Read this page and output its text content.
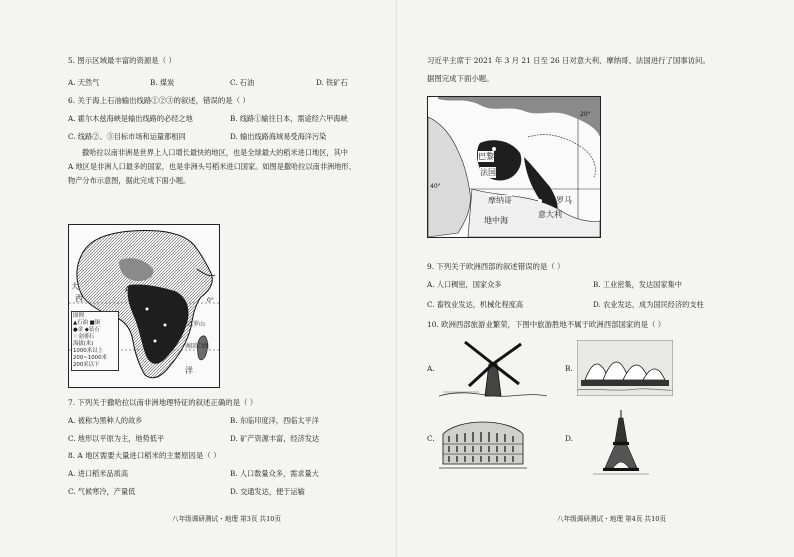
5. 图示区域最丰富的资源是（ ）
A. 天然气	B. 煤炭	C. 石油	D. 铁矿石
6. 关于海上石油输出线路①②③的叙述，错误的是（ ）
A. 霍尔木兹海峡是输出线路的必经之地	B. 线路①输往日本，需途经六甲海峡
C. 线路②、③目标市场和运量都相同	D. 输出线路海域易受海洋污染
撒哈拉以南非洲是世界上人口增长最快的地区，也是全球最大的稻米进口地区，其中
A 地区是非洲人口最多的国家，也是非洲头号稻米进口国家。如图是撒哈拉以南非洲地形、
物产分布示意图，据此完成下面小题。
A
大
西	0°
乙罗山
洋
南回归线
图例
▲石油 ■铜
●金 ◆钻石
♢金刚石
海拔(米)
1000米以上
200~1000米
200米以下
7. 下列关于撒哈拉以南非洲地理特征的叙述正确的是（ ）
A. 被称为黑种人的故乡	B. 东临印度洋，西临太平洋
C. 地形以平原为主，地势低平	D. 矿产资源丰富，经济发达
8. A 地区需要大量进口稻米的主要原因是（ ）
A. 进口稻米品质高	B. 人口数量众多，需求量大
C. 气候寒冷，产量低	D. 交通发达，便于运输
八年级调研测试・地理 第3页 共10页
习近平主席于 2021 年 3 月 21 日至 26 日对意大利、摩纳哥、法国进行了国事访问。
据图完成下面小题。
20°
40°
巴黎
法国
摩纳哥	罗马
意大利
地中海
9. 下列关于欧洲西部的叙述错误的是（ ）
A. 人口稠密，国家众多	B. 工业密集，发达国家集中
C. 畜牧业发达，机械化程度高	D. 农业发达，成为国民经济的支柱
10. 欧洲西部旅游业繁荣，下图中旅游胜地不属于欧洲西部国家的是（ ）
A.	B.
C.	D.
八年级调研测试・地理 第4页 共10页
